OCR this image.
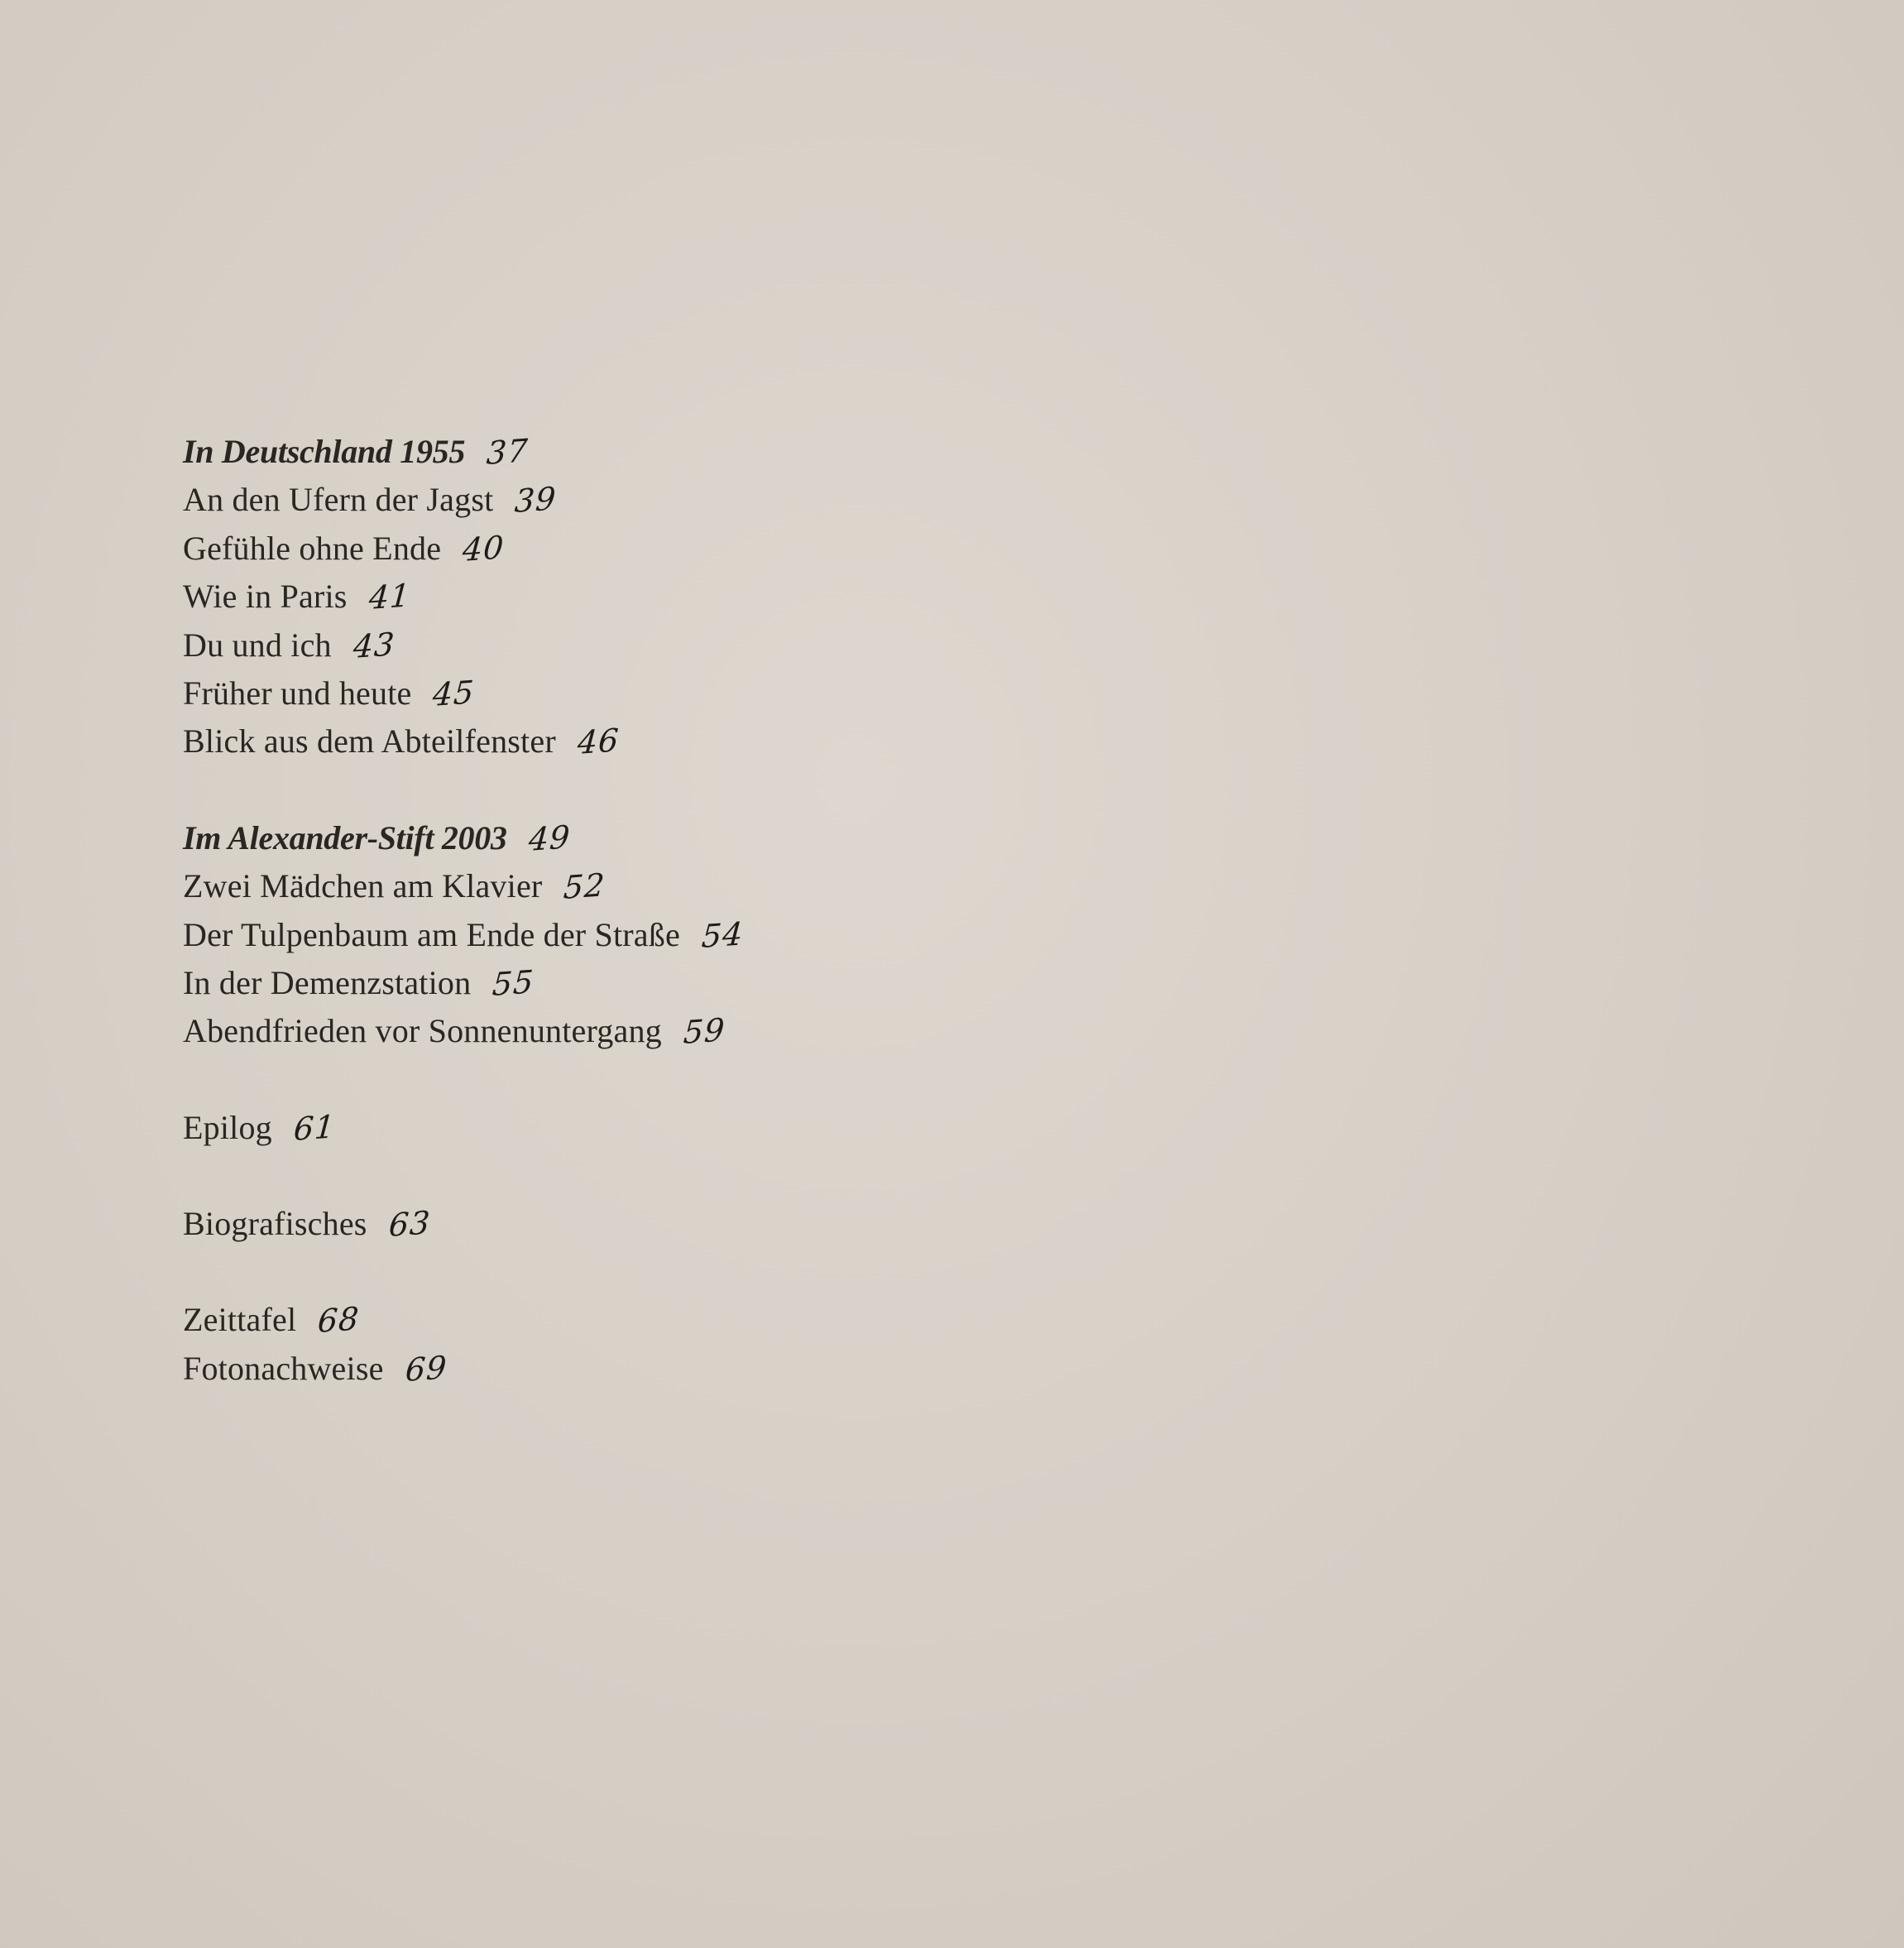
In Deutschland 1955 37
An den Ufern der Jagst 39
Gefühle ohne Ende 40
Wie in Paris 41
Du und ich 43
Früher und heute 45
Blick aus dem Abteilfenster 46
Im Alexander-Stift 2003 49
Zwei Mädchen am Klavier 52
Der Tulpenbaum am Ende der Straße 54
In der Demenzstation 55
Abendfrieden vor Sonnenuntergang 59
Epilog 61
Biografisches 63
Zeittafel 68
Fotonachweise 69
